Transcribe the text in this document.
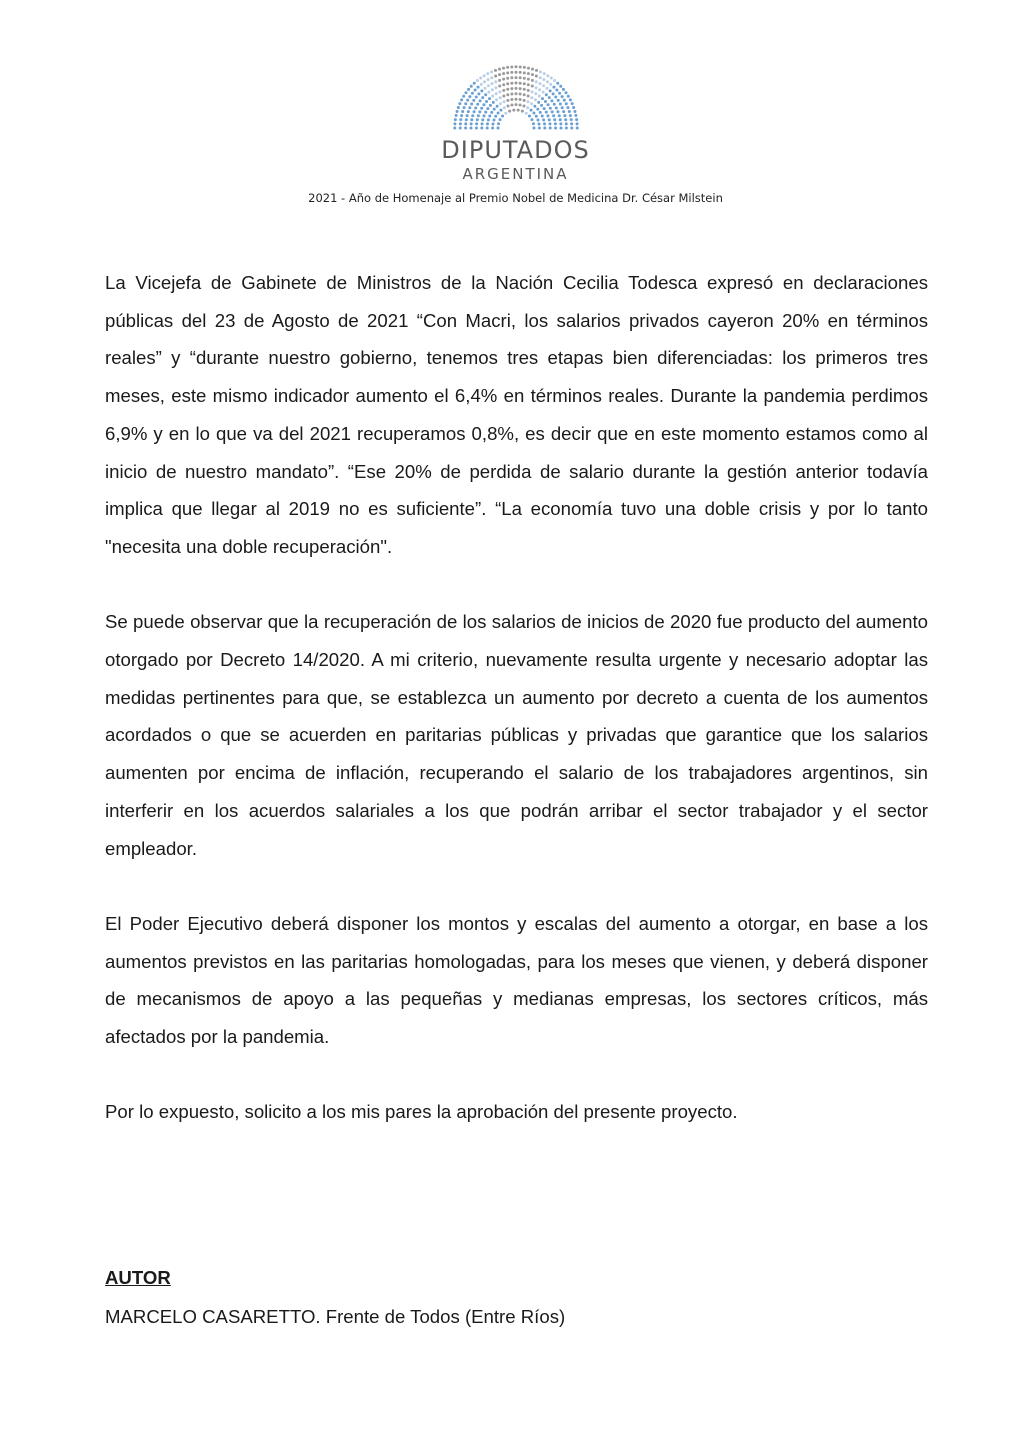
DIPUTADOS
ARGENTINA
2021 - Año de Homenaje al Premio Nobel de Medicina Dr. César Milstein

La Vicejefa de Gabinete de Ministros de la Nación Cecilia Todesca expresó en declaraciones públicas del 23 de Agosto de 2021 “Con Macri, los salarios privados cayeron 20% en términos reales” y “durante nuestro gobierno, tenemos tres etapas bien diferenciadas: los primeros tres meses, este mismo indicador aumento el 6,4% en términos reales. Durante la pandemia perdimos 6,9% y en lo que va del 2021 recuperamos 0,8%, es decir que en este momento estamos como al inicio de nuestro mandato”. “Ese 20% de perdida de salario durante la gestión anterior todavía implica que llegar al 2019 no es suficiente”. “La economía tuvo una doble crisis y por lo tanto "necesita una doble recuperación".

Se puede observar que la recuperación de los salarios de inicios de 2020 fue producto del aumento otorgado por Decreto 14/2020. A mi criterio, nuevamente resulta urgente y necesario adoptar las medidas pertinentes para que, se establezca un aumento por decreto a cuenta de los aumentos acordados o que se acuerden en paritarias públicas y privadas que garantice que los salarios aumenten por encima de inflación, recuperando el salario de los trabajadores argentinos, sin interferir en los acuerdos salariales a los que podrán arribar el sector trabajador y el sector empleador.

El Poder Ejecutivo deberá disponer los montos y escalas del aumento a otorgar, en base a los aumentos previstos en las paritarias homologadas, para los meses que vienen, y deberá disponer de mecanismos de apoyo a las pequeñas y medianas empresas, los sectores críticos, más afectados por la pandemia.

Por lo expuesto, solicito a los mis pares la aprobación del presente proyecto.

AUTOR
MARCELO CASARETTO. Frente de Todos (Entre Ríos)
